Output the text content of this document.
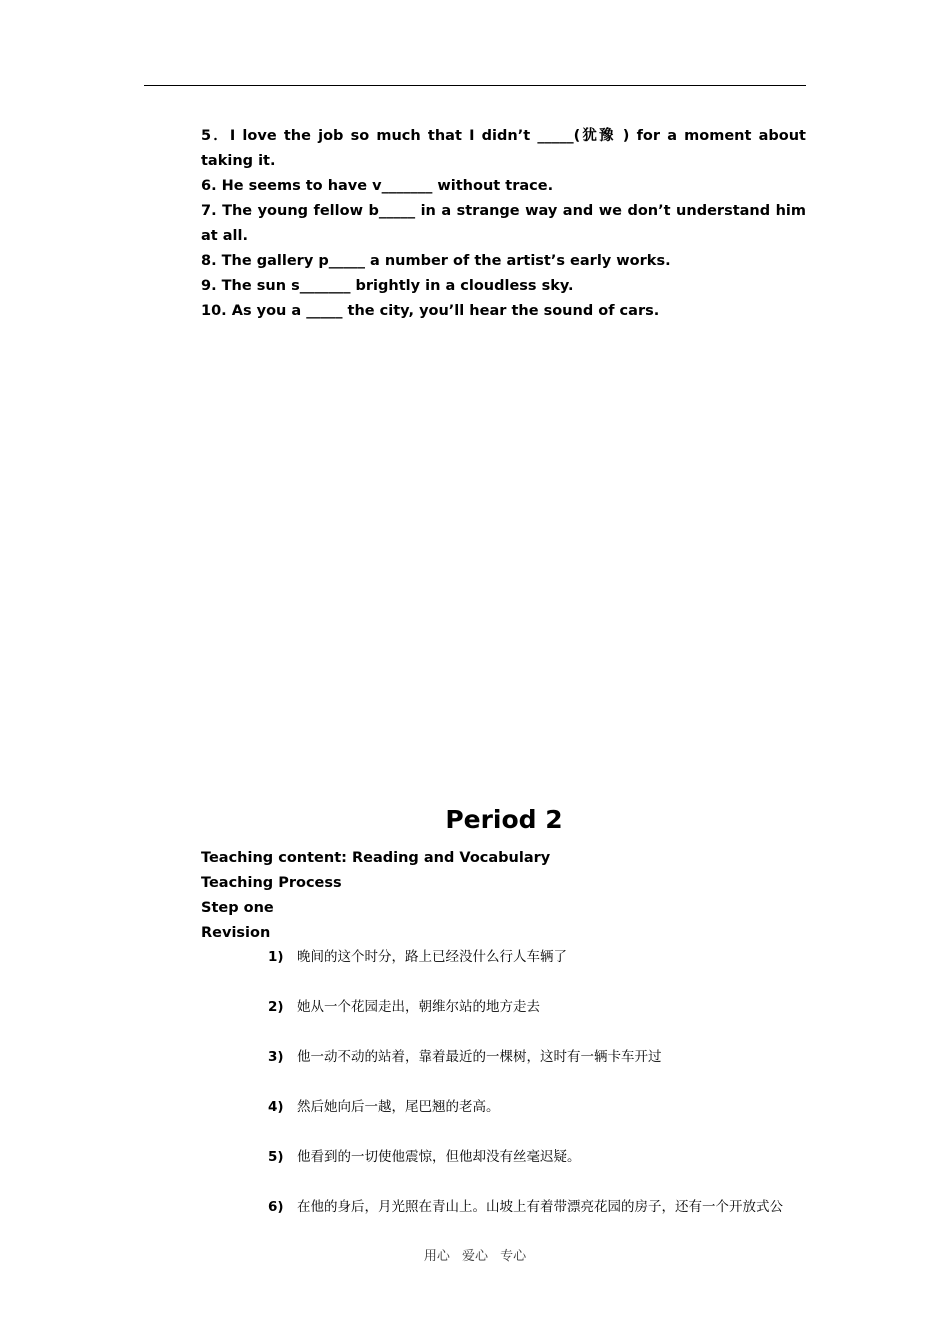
5．I love the job so much that I didn’t _____(犹豫 ) for a moment about taking it.

6. He seems to have v_______ without trace.

7. The young fellow b_____ in a strange way and we don’t understand him at all.

8. The gallery p_____ a number of the artist’s early works.

9. The sun s_______ brightly in a cloudless sky.

10. As you a _____ the city, you’ll hear the sound of cars.

Period 2

Teaching content: Reading and Vocabulary

Teaching Process

Step one

Revision

1) 晚间的这个时分，路上已经没什么行人车辆了
2) 她从一个花园走出，朝维尔站的地方走去
3) 他一动不动的站着，靠着最近的一棵树，这时有一辆卡车开过
4) 然后她向后一越，尾巴翘的老高。
5) 他看到的一切使他震惊，但他却没有丝毫迟疑。
6) 在他的身后，月光照在青山上。山坡上有着带漂亮花园的房子，还有一个开放式公
用心 爱心 专心
